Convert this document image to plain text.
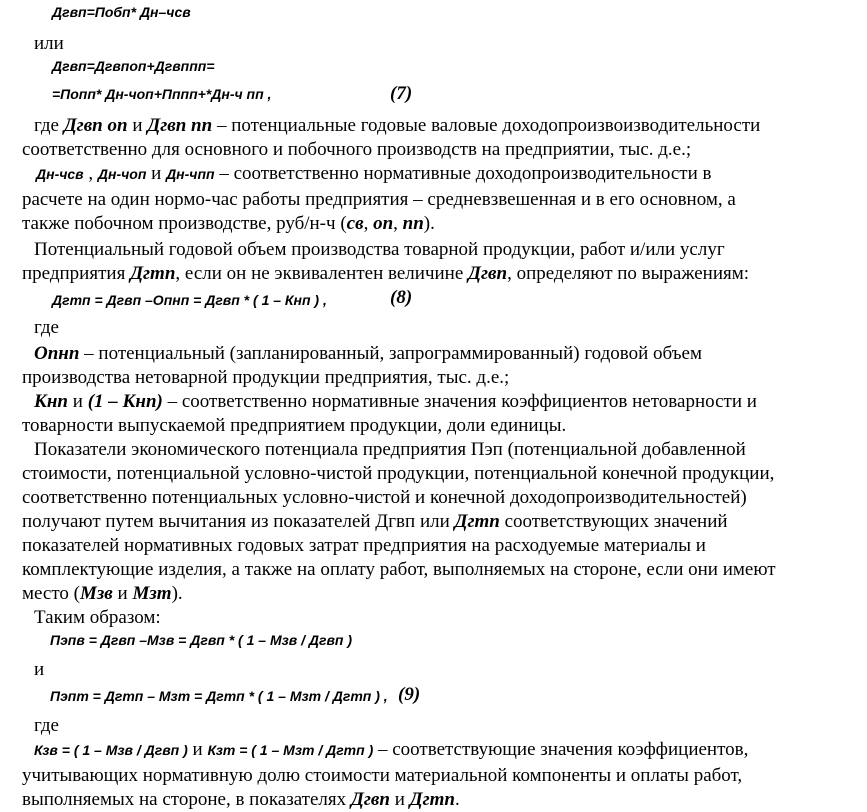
Дгвп=Побп* Дн–чсв
или
Дгвп=Дгвпоп+Дгвппп=
=Попп* Дн-чоп+Пппп+*Дн-ч пп ,	(7)
где Дгвп оп и Дгвп пп – потенциальные годовые валовые доходопроизвоизводительности
соответственно для основного и побочного производств на предприятии, тыс. д.е.;
Дн-чсв , Дн-чоп и Дн-чпп – соответственно нормативные доходопроизводительности в
расчете на один нормо-час работы предприятия – средневзвешенная и в его основном, а
также побочном производстве, руб/н-ч (св, оп, пп).
Потенциальный годовой объем производства товарной продукции, работ и/или услуг
предприятия Дгтп, если он не эквивалентен величине Дгвп, определяют по выражениям:
Дгтп = Дгвп –Опнп = Дгвп * ( 1 – Кнп ) ,	(8)
где
Опнп – потенциальный (запланированный, запрограммированный) годовой объем
производства нетоварной продукции предприятия, тыс. д.е.;
Кнп и (1 – Кнп) – соответственно нормативные значения коэффициентов нетоварности и
товарности выпускаемой предприятием продукции, доли единицы.
Показатели экономического потенциала предприятия Пэп (потенциальной добавленной
стоимости, потенциальной условно-чистой продукции, потенциальной конечной продукции,
соответственно потенциальных условно-чистой и конечной доходопроизводительностей)
получают путем вычитания из показателей Дгвп или Дгтп соответствующих значений
показателей нормативных годовых затрат предприятия на расходуемые материалы и
комплектующие изделия, а также на оплату работ, выполняемых на стороне, если они имеют
место (Мзв и Мзт).
Таким образом:
Пэпв = Дгвп –Мзв = Дгвп * ( 1 – Мзв / Дгвп )
и
Пэпт = Дгтп – Мзт = Дгтп * ( 1 – Мзт / Дгтп ) , (9)
где
Кзв = ( 1 – Мзв / Дгвп ) и Кзт = ( 1 – Мзт / Дгтп ) – соответствующие значения коэффициентов,
учитывающих нормативную долю стоимости материальной компоненты и оплаты работ,
выполняемых на стороне, в показателях Дгвп и Дгтп.
